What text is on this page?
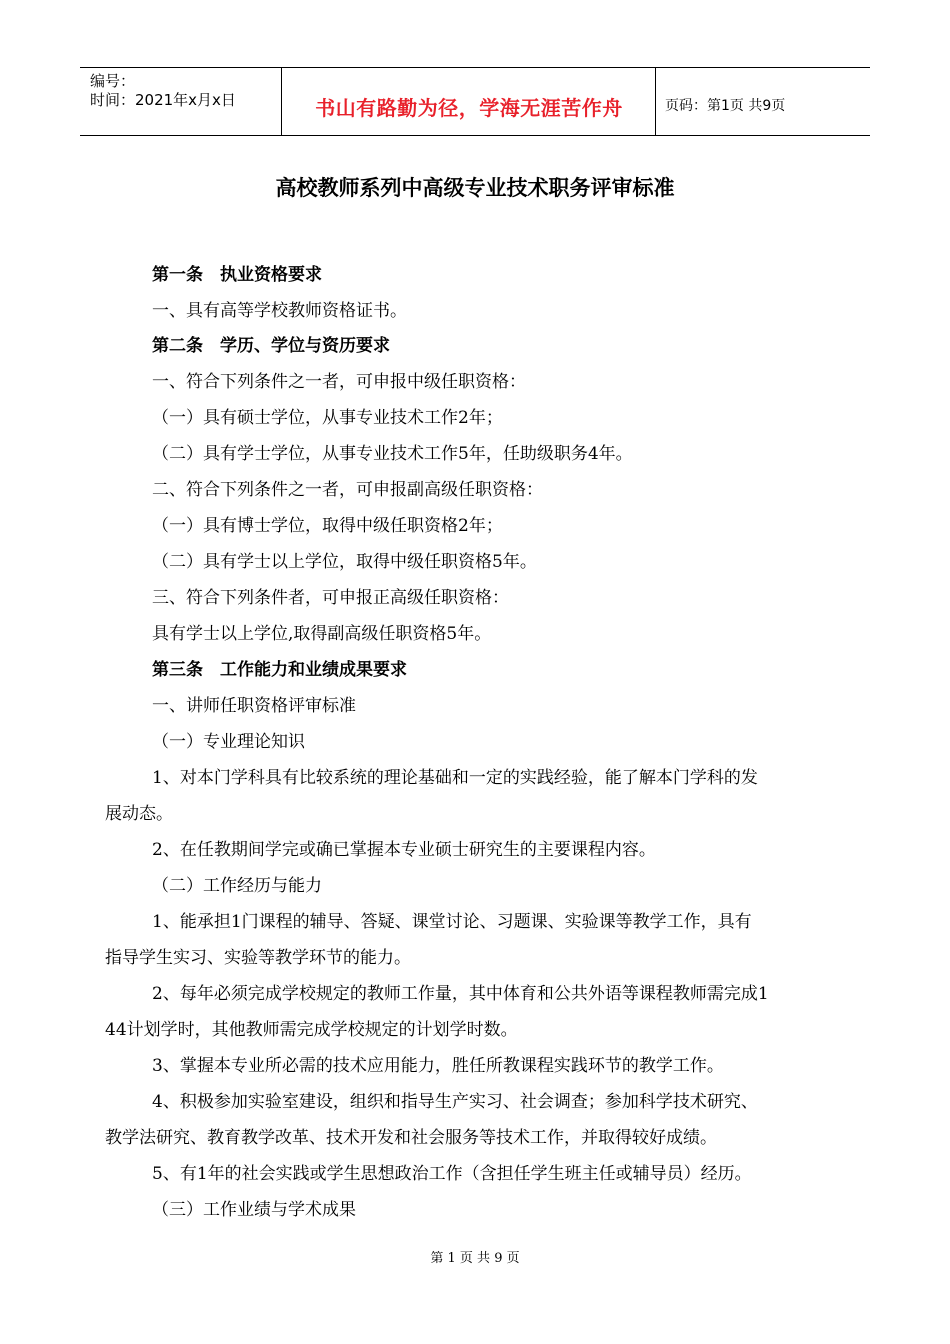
编号：
时间：2021年x月x日	书山有路勤为径，学海无涯苦作舟	页码：第1页 共9页
高校教师系列中高级专业技术职务评审标准
第一条　执业资格要求
一、具有高等学校教师资格证书。
第二条　学历、学位与资历要求
一、符合下列条件之一者，可申报中级任职资格：
（一）具有硕士学位，从事专业技术工作2年；
（二）具有学士学位，从事专业技术工作5年，任助级职务4年。
二、符合下列条件之一者，可申报副高级任职资格：
（一）具有博士学位，取得中级任职资格2年；
（二）具有学士以上学位，取得中级任职资格5年。
三、符合下列条件者，可申报正高级任职资格：
具有学士以上学位,取得副高级任职资格5年。
第三条　工作能力和业绩成果要求
一、讲师任职资格评审标准
（一）专业理论知识
1、对本门学科具有比较系统的理论基础和一定的实践经验，能了解本门学科的发
展动态。
2、在任教期间学完或确已掌握本专业硕士研究生的主要课程内容。
（二）工作经历与能力
1、能承担1门课程的辅导、答疑、课堂讨论、习题课、实验课等教学工作，具有
指导学生实习、实验等教学环节的能力。
2、每年必须完成学校规定的教师工作量，其中体育和公共外语等课程教师需完成1
44计划学时，其他教师需完成学校规定的计划学时数。
3、掌握本专业所必需的技术应用能力，胜任所教课程实践环节的教学工作。
4、积极参加实验室建设，组织和指导生产实习、社会调查；参加科学技术研究、
教学法研究、教育教学改革、技术开发和社会服务等技术工作，并取得较好成绩。
5、有1年的社会实践或学生思想政治工作（含担任学生班主任或辅导员）经历。
（三）工作业绩与学术成果
第 1 页 共 9 页
